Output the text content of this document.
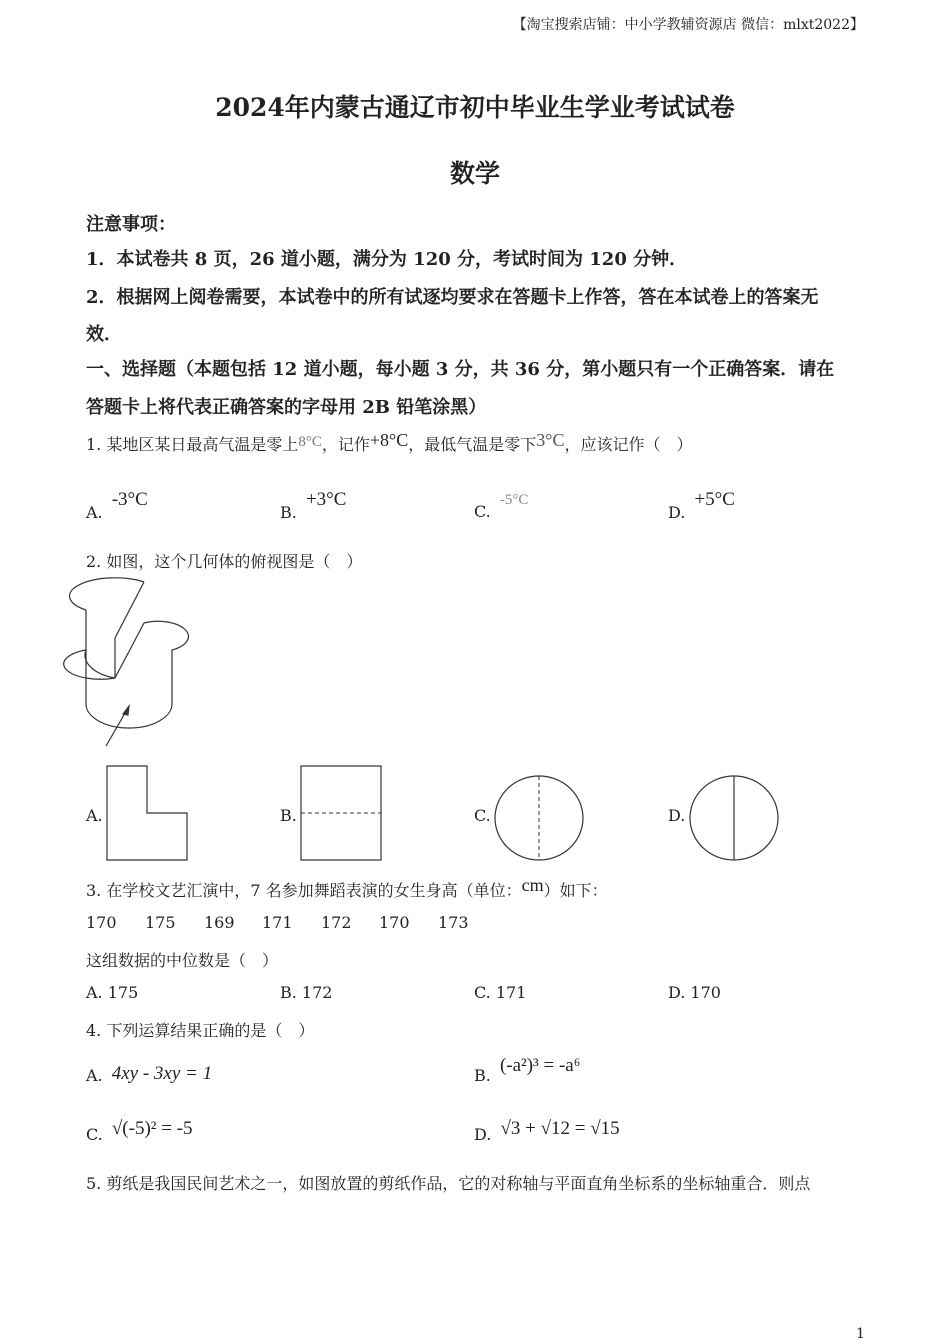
【淘宝搜索店铺：中小学教辅资源店 微信：mlxt2022】
2024年内蒙古通辽市初中毕业生学业考试试卷
数学
注意事项：
1．本试卷共 8 页，26 道小题，满分为 120 分，考试时间为 120 分钟．
2．根据网上阅卷需要，本试卷中的所有试逐均要求在答题卡上作答，答在本试卷上的答案无
效．
一、选择题（本题包括 12 道小题，每小题 3 分，共 36 分，第小题只有一个正确答案．请在
答题卡上将代表正确答案的字母用 2B 铅笔涂黑）
1. 某地区某日最高气温是零上8°C，记作+8°C，最低气温是零下3°C，应该记作（　）
A. -3°C
B. +3°C
C. -5°C
D. +5°C
2. 如图，这个几何体的俯视图是（　）
A.	B.	C.	D.
3. 在学校文艺汇演中，7 名参加舞蹈表演的女生身高（单位：cm）如下：
170 175 169 171 172 170 173
这组数据的中位数是（　）
A. 175	B. 172	C. 171	D. 170
4. 下列运算结果正确的是（　）
A. 4xy - 3xy = 1	B. (-a²)³ = -a⁶
C. √(-5)² = -5	D. √3 + √12 = √15
5. 剪纸是我国民间艺术之一，如图放置的剪纸作品，它的对称轴与平面直角坐标系的坐标轴重合．则点
1
